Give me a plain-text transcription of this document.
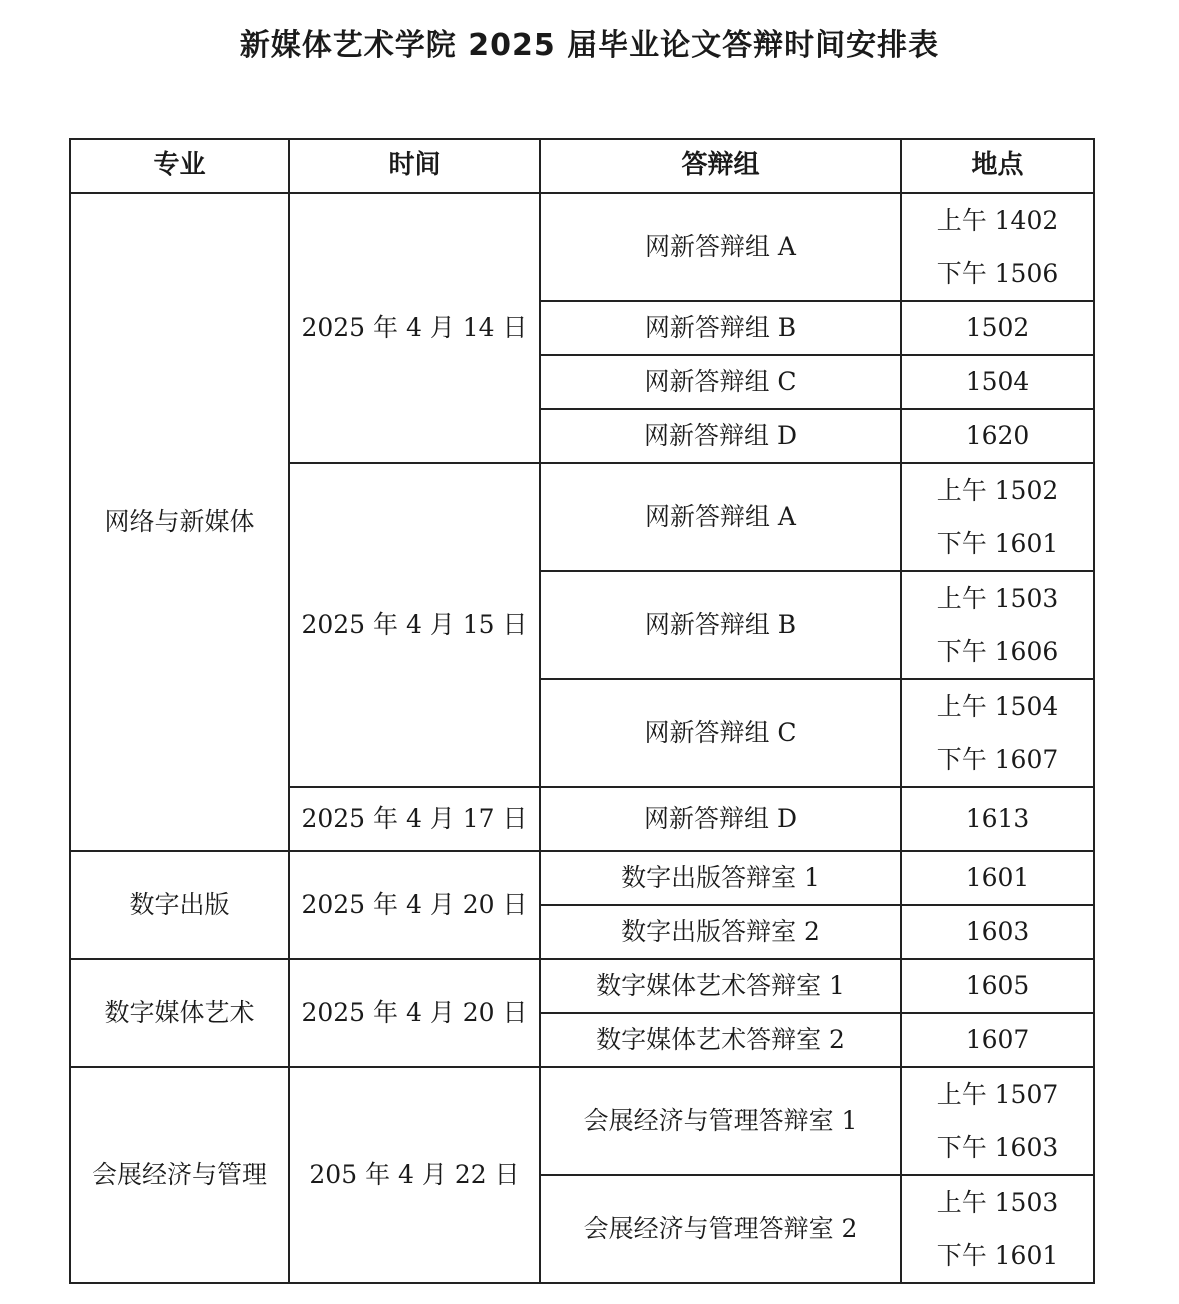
新媒体艺术学院 2025 届毕业论文答辩时间安排表
专业	时间	答辩组	地点
网络与新媒体	2025 年 4 月 14 日	网新答辩组 A	上午 1402
下午 1506

		网新答辩组 B	1502
		网新答辩组 C	1504
		网新答辩组 D	1620
	2025 年 4 月 15 日	网新答辩组 A	上午 1502
下午 1601

		网新答辩组 B	上午 1503
下午 1606

		网新答辩组 C	上午 1504
下午 1607

	2025 年 4 月 17 日	网新答辩组 D	1613
数字出版	2025 年 4 月 20 日	数字出版答辩室 1	1601
		数字出版答辩室 2	1603
数字媒体艺术	2025 年 4 月 20 日	数字媒体艺术答辩室 1	1605
		数字媒体艺术答辩室 2	1607
会展经济与管理	205 年 4 月 22 日	会展经济与管理答辩室 1	上午 1507
下午 1603

		会展经济与管理答辩室 2	上午 1503
下午 1601
